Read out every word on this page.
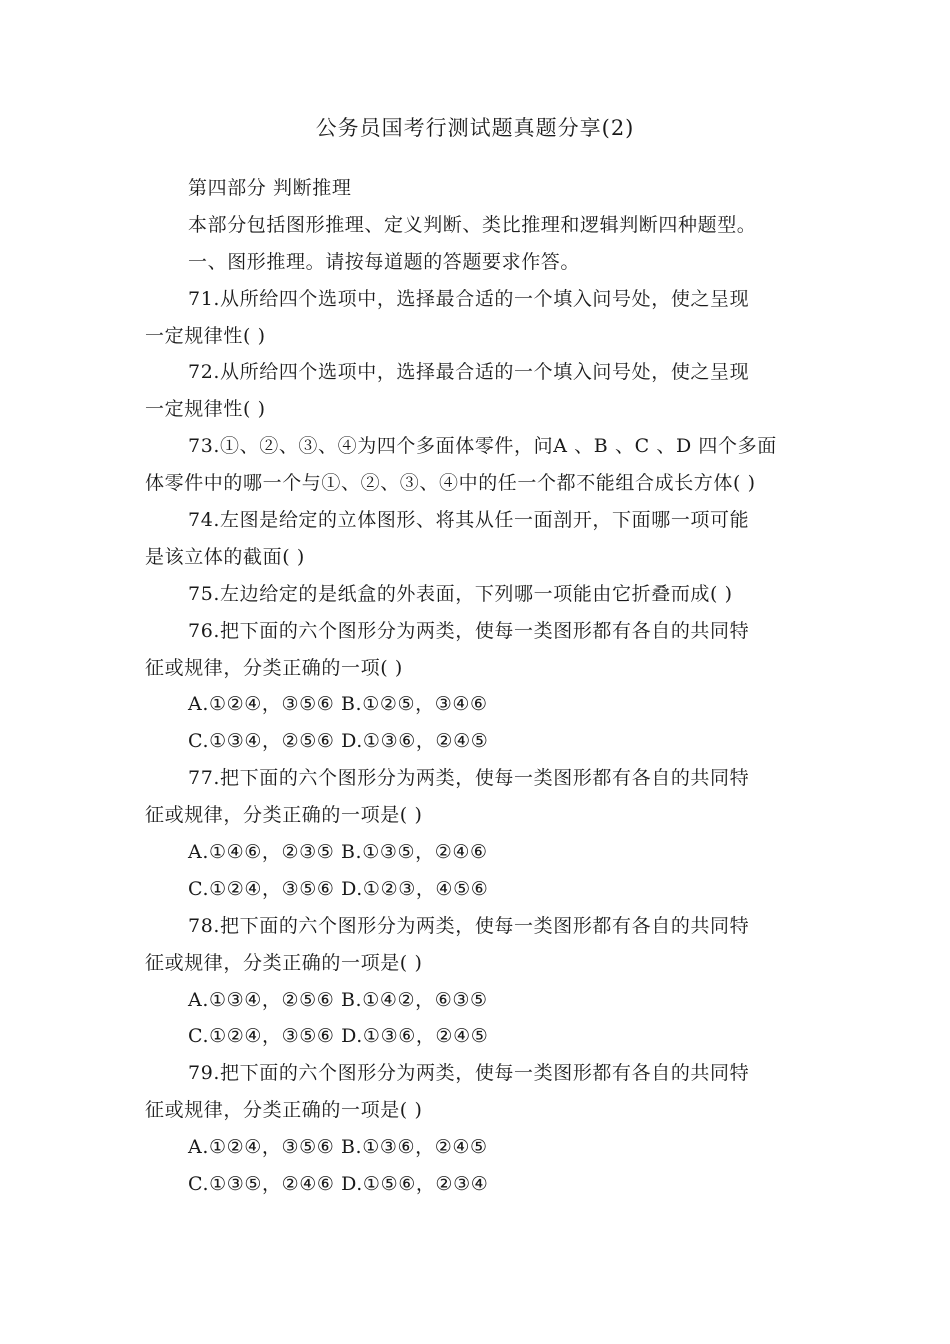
公务员国考行测试题真题分享(2)
第四部分 判断推理
本部分包括图形推理、定义判断、类比推理和逻辑判断四种题型。
一、图形推理。请按每道题的答题要求作答。
71.从所给四个选项中，选择最合适的一个填入问号处，使之呈现
一定规律性( )
72.从所给四个选项中，选择最合适的一个填入问号处，使之呈现
一定规律性( )
73.①、②、③、④为四个多面体零件，问A 、B 、C 、D 四个多面
体零件中的哪一个与①、②、③、④中的任一个都不能组合成长方体( )
74.左图是给定的立体图形、将其从任一面剖开，下面哪一项可能
是该立体的截面( )
75.左边给定的是纸盒的外表面，下列哪一项能由它折叠而成( )
76.把下面的六个图形分为两类，使每一类图形都有各自的共同特
征或规律，分类正确的一项( )
A.①②④，③⑤⑥ B.①②⑤，③④⑥
C.①③④，②⑤⑥ D.①③⑥，②④⑤
77.把下面的六个图形分为两类，使每一类图形都有各自的共同特
征或规律，分类正确的一项是( )
A.①④⑥，②③⑤ B.①③⑤，②④⑥
C.①②④，③⑤⑥ D.①②③，④⑤⑥
78.把下面的六个图形分为两类，使每一类图形都有各自的共同特
征或规律，分类正确的一项是( )
A.①③④，②⑤⑥ B.①④②，⑥③⑤
C.①②④，③⑤⑥ D.①③⑥，②④⑤
79.把下面的六个图形分为两类，使每一类图形都有各自的共同特
征或规律，分类正确的一项是( )
A.①②④，③⑤⑥ B.①③⑥，②④⑤
C.①③⑤，②④⑥ D.①⑤⑥，②③④
